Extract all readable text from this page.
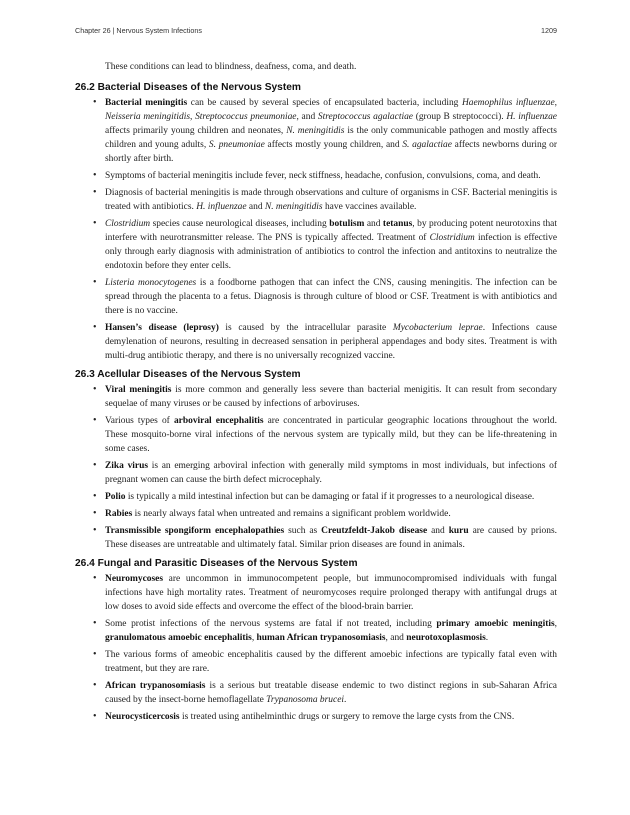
Chapter 26 | Nervous System Infections	1209

These conditions can lead to blindness, deafness, coma, and death.

26.2 Bacterial Diseases of the Nervous System
• Bacterial meningitis can be caused by several species of encapsulated bacteria, including Haemophilus influenzae, Neisseria meningitidis, Streptococcus pneumoniae, and Streptococcus agalactiae (group B streptococci). H. influenzae affects primarily young children and neonates, N. meningitidis is the only communicable pathogen and mostly affects children and young adults, S. pneumoniae affects mostly young children, and S. agalactiae affects newborns during or shortly after birth.
• Symptoms of bacterial meningitis include fever, neck stiffness, headache, confusion, convulsions, coma, and death.
• Diagnosis of bacterial meningitis is made through observations and culture of organisms in CSF. Bacterial meningitis is treated with antibiotics. H. influenzae and N. meningitidis have vaccines available.
• Clostridium species cause neurological diseases, including botulism and tetanus, by producing potent neurotoxins that interfere with neurotransmitter release. The PNS is typically affected. Treatment of Clostridium infection is effective only through early diagnosis with administration of antibiotics to control the infection and antitoxins to neutralize the endotoxin before they enter cells.
• Listeria monocytogenes is a foodborne pathogen that can infect the CNS, causing meningitis. The infection can be spread through the placenta to a fetus. Diagnosis is through culture of blood or CSF. Treatment is with antibiotics and there is no vaccine.
• Hansen’s disease (leprosy) is caused by the intracellular parasite Mycobacterium leprae. Infections cause demylenation of neurons, resulting in decreased sensation in peripheral appendages and body sites. Treatment is with multi-drug antibiotic therapy, and there is no universally recognized vaccine.
26.3 Acellular Diseases of the Nervous System
• Viral meningitis is more common and generally less severe than bacterial menigitis. It can result from secondary sequelae of many viruses or be caused by infections of arboviruses.
• Various types of arboviral encephalitis are concentrated in particular geographic locations throughout the world. These mosquito-borne viral infections of the nervous system are typically mild, but they can be life-threatening in some cases.
• Zika virus is an emerging arboviral infection with generally mild symptoms in most individuals, but infections of pregnant women can cause the birth defect microcephaly.
• Polio is typically a mild intestinal infection but can be damaging or fatal if it progresses to a neurological disease.
• Rabies is nearly always fatal when untreated and remains a significant problem worldwide.
• Transmissible spongiform encephalopathies such as Creutzfeldt-Jakob disease and kuru are caused by prions. These diseases are untreatable and ultimately fatal. Similar prion diseases are found in animals.
26.4 Fungal and Parasitic Diseases of the Nervous System
• Neuromycoses are uncommon in immunocompetent people, but immunocompromised individuals with fungal infections have high mortality rates. Treatment of neuromycoses require prolonged therapy with antifungal drugs at low doses to avoid side effects and overcome the effect of the blood-brain barrier.
• Some protist infections of the nervous systems are fatal if not treated, including primary amoebic meningitis, granulomatous amoebic encephalitis, human African trypanosomiasis, and neurotoxoplasmosis.
• The various forms of ameobic encephalitis caused by the different amoebic infections are typically fatal even with treatment, but they are rare.
• African trypanosomiasis is a serious but treatable disease endemic to two distinct regions in sub-Saharan Africa caused by the insect-borne hemoflagellate Trypanosoma brucei.
• Neurocysticercosis is treated using antihelminthic drugs or surgery to remove the large cysts from the CNS.
